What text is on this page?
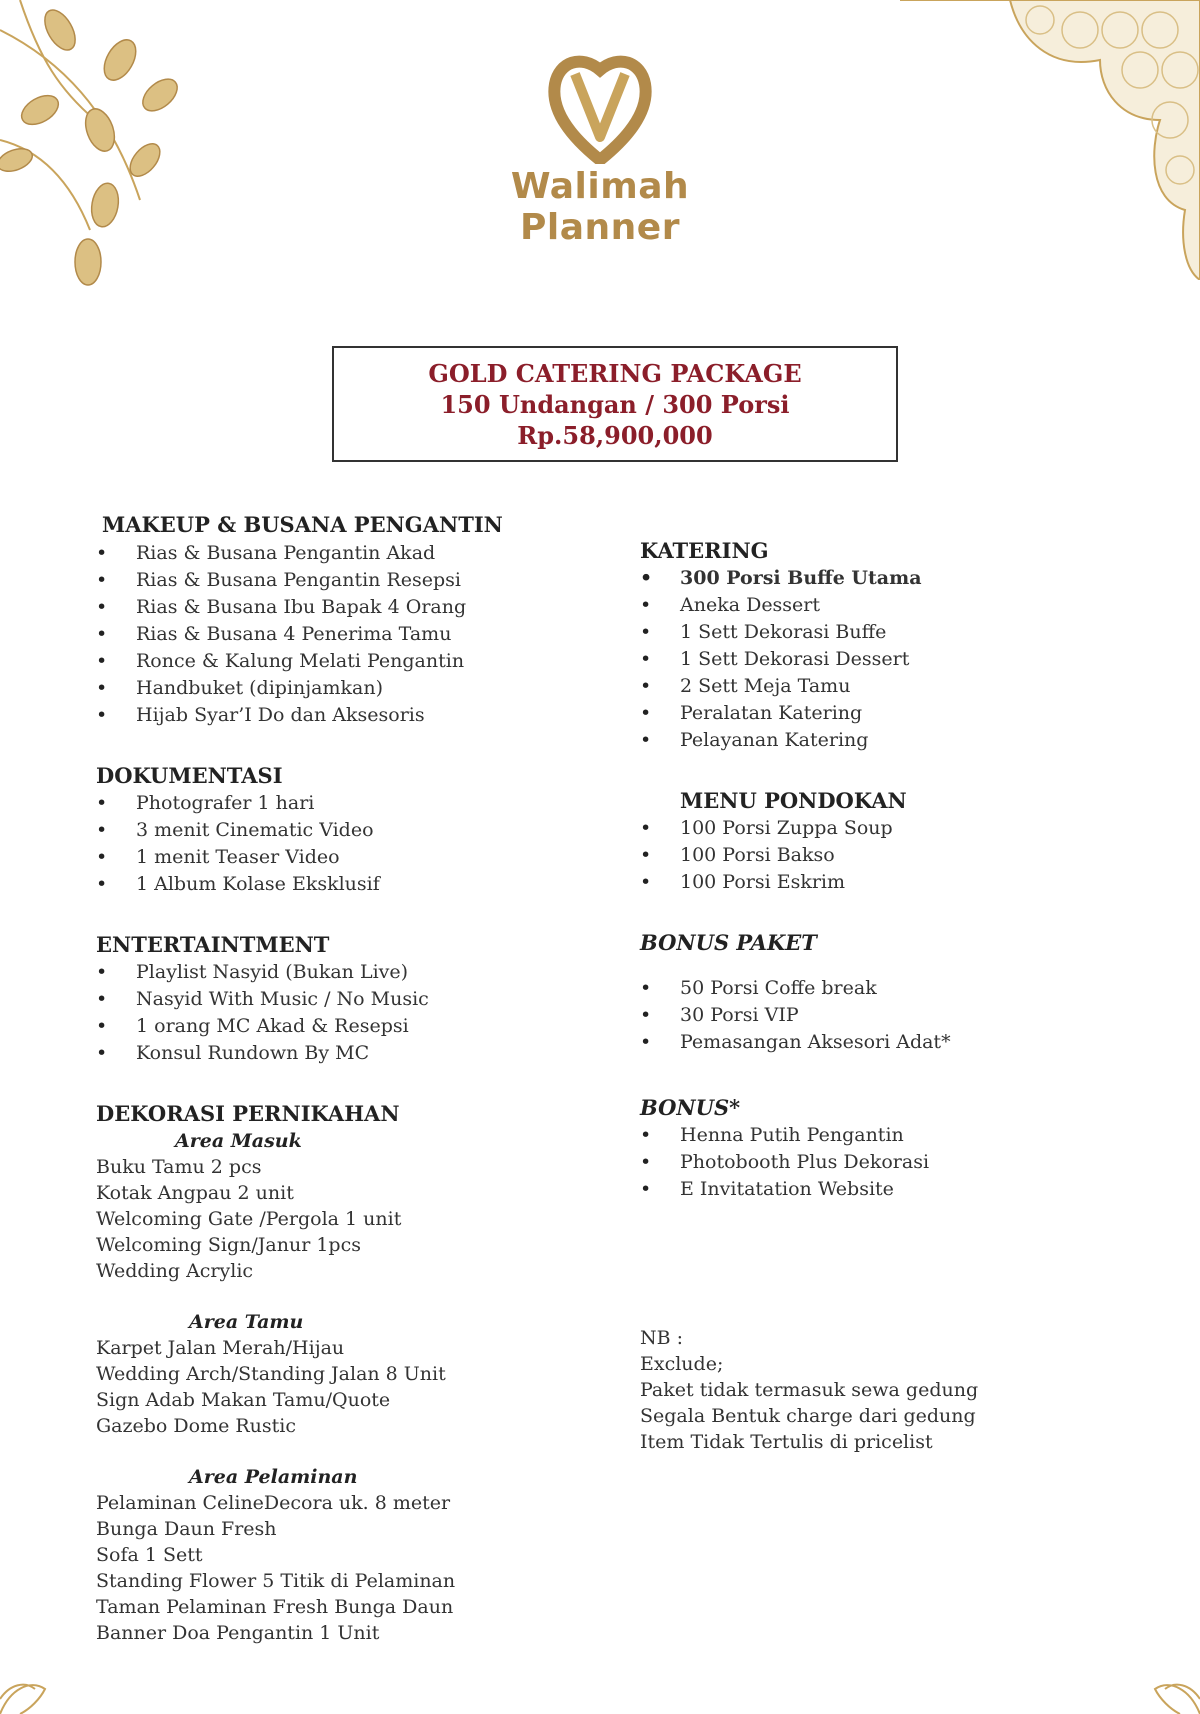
Walimah Planner
GOLD CATERING PACKAGE
150 Undangan / 300 Porsi
Rp.58,900,000
MAKEUP & BUSANA PENGANTIN
• Rias & Busana Pengantin Akad
• Rias & Busana Pengantin Resepsi
• Rias & Busana Ibu Bapak 4 Orang
• Rias & Busana 4 Penerima Tamu
• Ronce & Kalung Melati Pengantin
• Handbuket (dipinjamkan)
• Hijab Syar’I Do dan Aksesoris
DOKUMENTASI
• Photografer 1 hari
• 3 menit Cinematic Video
• 1 menit Teaser Video
• 1 Album Kolase Eksklusif
ENTERTAINTMENT
• Playlist Nasyid (Bukan Live)
• Nasyid With Music / No Music
• 1 orang MC Akad & Resepsi
• Konsul Rundown By MC
DEKORASI PERNIKAHAN
Area Masuk
Buku Tamu 2 pcs
Kotak Angpau 2 unit
Welcoming Gate /Pergola 1 unit
Welcoming Sign/Janur 1pcs
Wedding Acrylic
Area Tamu
Karpet Jalan Merah/Hijau
Wedding Arch/Standing Jalan 8 Unit
Sign Adab Makan Tamu/Quote
Gazebo Dome Rustic
Area Pelaminan
Pelaminan CelineDecora uk. 8 meter
Bunga Daun Fresh
Sofa 1 Sett
Standing Flower 5 Titik di Pelaminan
Taman Pelaminan Fresh Bunga Daun
Banner Doa Pengantin 1 Unit
KATERING
• 300 Porsi Buffe Utama
• Aneka Dessert
• 1 Sett Dekorasi Buffe
• 1 Sett Dekorasi Dessert
• 2 Sett Meja Tamu
• Peralatan Katering
• Pelayanan Katering
MENU PONDOKAN
• 100 Porsi Zuppa Soup
• 100 Porsi Bakso
• 100 Porsi Eskrim
BONUS PAKET
• 50 Porsi Coffe break
• 30 Porsi VIP
• Pemasangan Aksesori Adat*
BONUS*
• Henna Putih Pengantin
• Photobooth Plus Dekorasi
• E Invitatation Website
NB :
Exclude;
Paket tidak termasuk sewa gedung
Segala Bentuk charge dari gedung
Item Tidak Tertulis di pricelist
